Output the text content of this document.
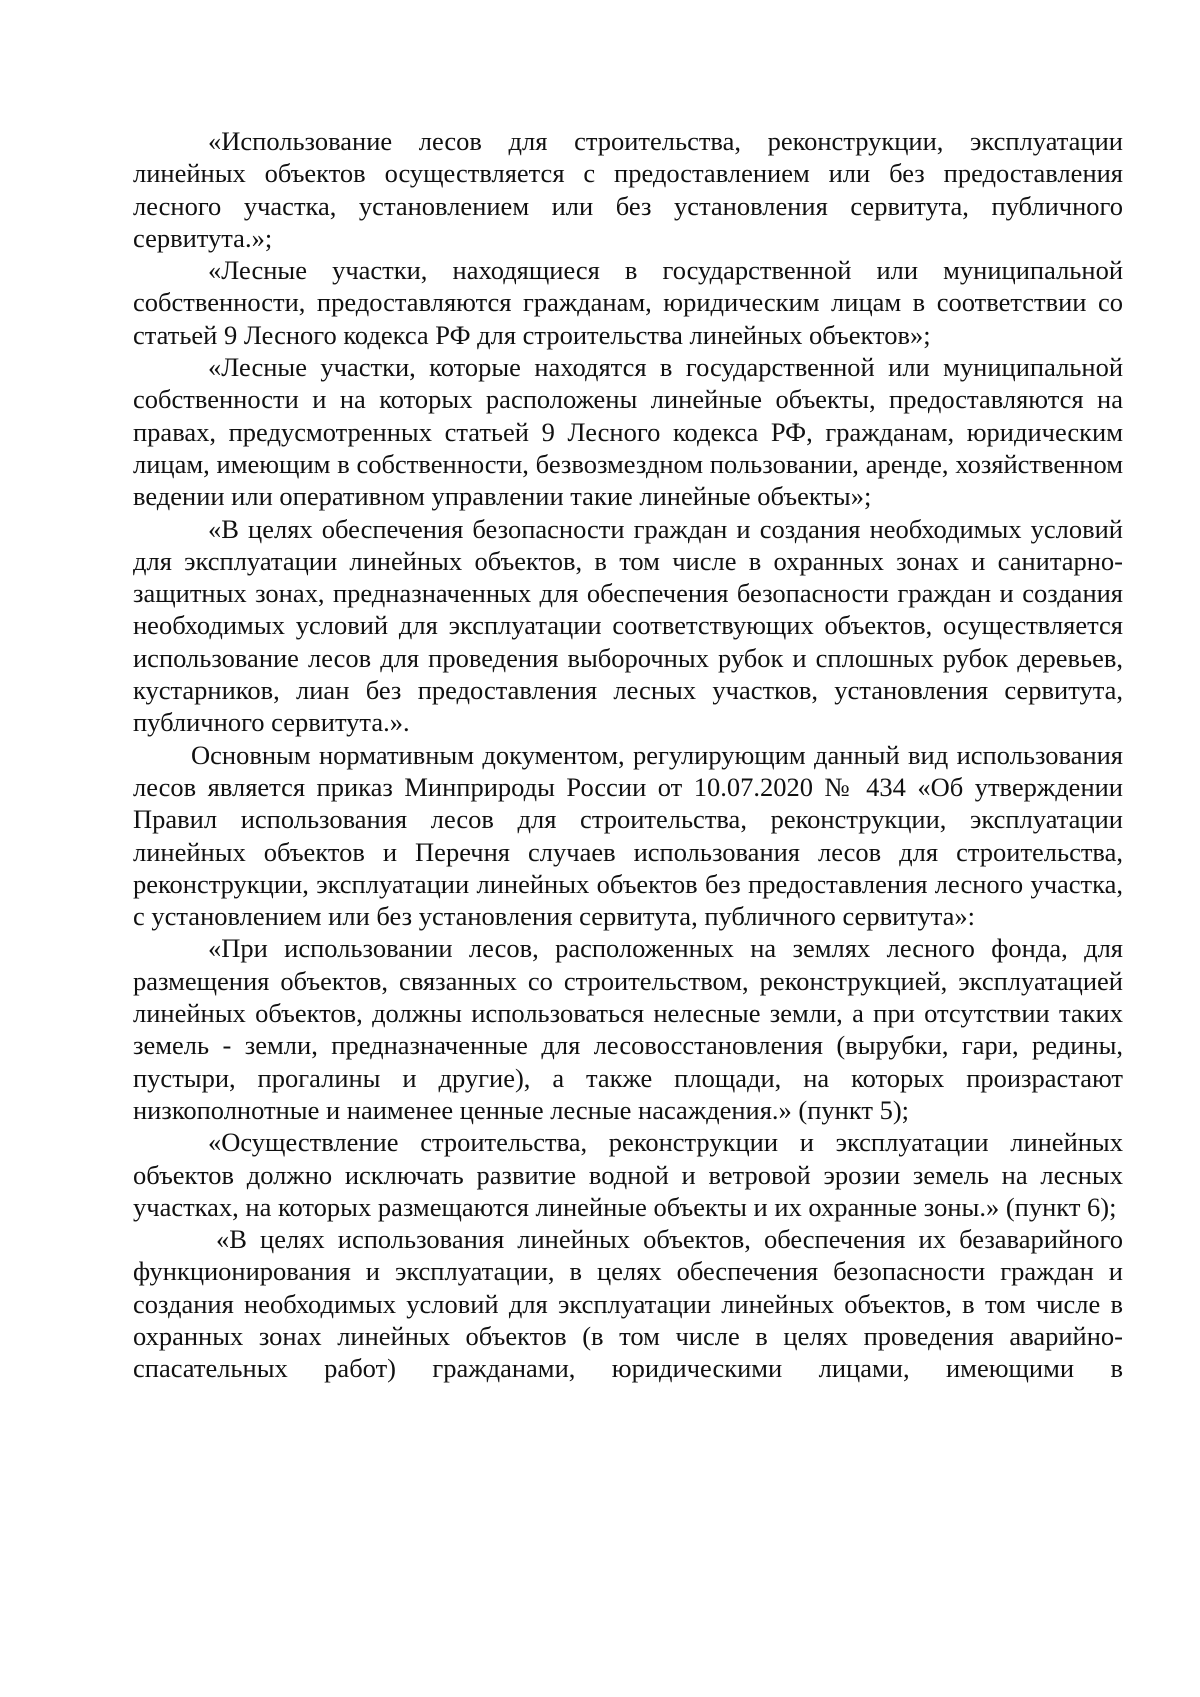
«Использование лесов для строительства, реконструкции, эксплуатации линейных объектов осуществляется с предоставлением или без предоставления лесного участка, установлением или без установления сервитута, публичного сервитута.»;

«Лесные участки, находящиеся в государственной или муниципальной собственности, предоставляются гражданам, юридическим лицам в соответствии со статьей 9 Лесного кодекса РФ для строительства линейных объектов»;

«Лесные участки, которые находятся в государственной или муниципальной собственности и на которых расположены линейные объекты, предоставляются на правах, предусмотренных статьей 9 Лесного кодекса РФ, гражданам, юридическим лицам, имеющим в собственности, безвозмездном пользовании, аренде, хозяйственном ведении или оперативном управлении такие линейные объекты»;

«В целях обеспечения безопасности граждан и создания необходимых условий для эксплуатации линейных объектов, в том числе в охранных зонах и санитарно-защитных зонах, предназначенных для обеспечения безопасности граждан и создания необходимых условий для эксплуатации соответствующих объектов, осуществляется использование лесов для проведения выборочных рубок и сплошных рубок деревьев, кустарников, лиан без предоставления лесных участков, установления сервитута, публичного сервитута.».

Основным нормативным документом, регулирующим данный вид использования лесов является приказ Минприроды России от 10.07.2020 № 434 «Об утверждении Правил использования лесов для строительства, реконструкции, эксплуатации линейных объектов и Перечня случаев использования лесов для строительства, реконструкции, эксплуатации линейных объектов без предоставления лесного участка, с установлением или без установления сервитута, публичного сервитута»:

«При использовании лесов, расположенных на землях лесного фонда, для размещения объектов, связанных со строительством, реконструкцией, эксплуатацией линейных объектов, должны использоваться нелесные земли, а при отсутствии таких земель - земли, предназначенные для лесовосстановления (вырубки, гари, редины, пустыри, прогалины и другие), а также площади, на которых произрастают низкополнотные и наименее ценные лесные насаждения.» (пункт 5);

«Осуществление строительства, реконструкции и эксплуатации линейных объектов должно исключать развитие водной и ветровой эрозии земель на лесных участках, на которых размещаются линейные объекты и их охранные зоны.» (пункт 6);

«В целях использования линейных объектов, обеспечения их безаварийного функционирования и эксплуатации, в целях обеспечения безопасности граждан и создания необходимых условий для эксплуатации линейных объектов, в том числе в охранных зонах линейных объектов (в том числе в целях проведения аварийно-спасательных работ) гражданами, юридическими лицами, имеющими в
